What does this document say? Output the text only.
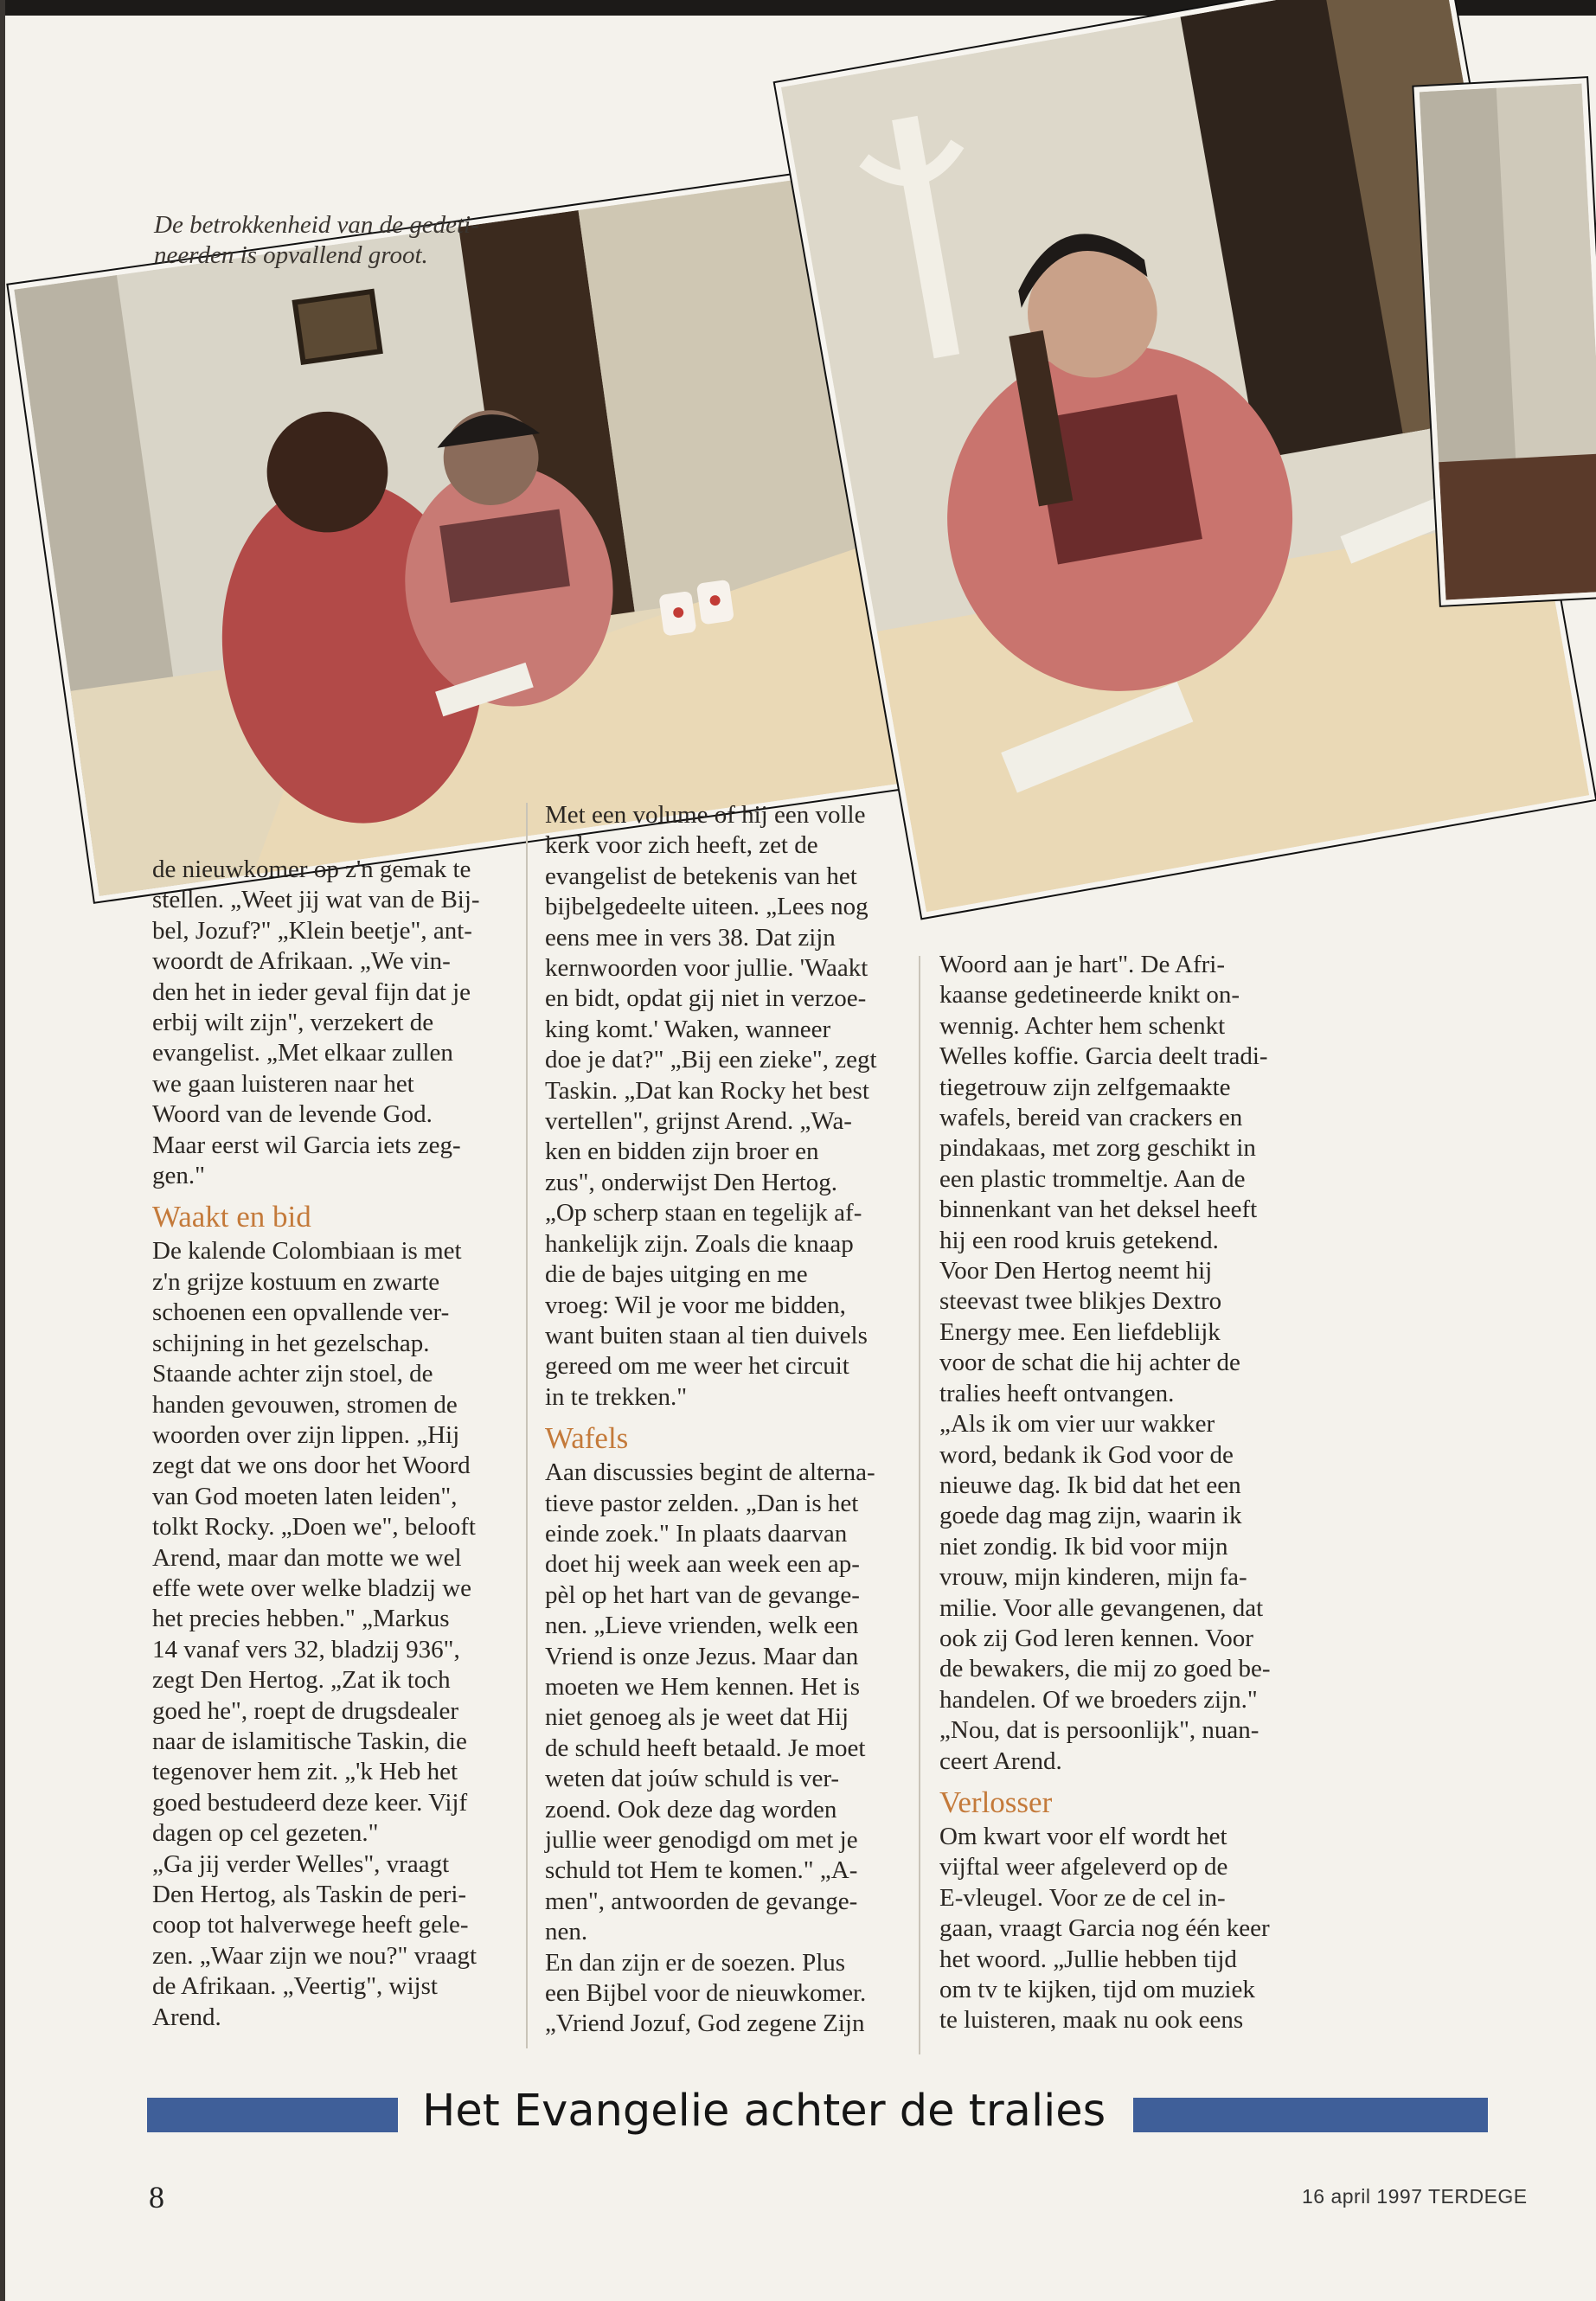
De betrokkenheid van de gedeti-
neerden is opvallend groot.

de nieuwkomer op z'n gemak te
stellen. „Weet jij wat van de Bij-
bel, Jozuf?" „Klein beetje", ant-
woordt de Afrikaan. „We vin-
den het in ieder geval fijn dat je
erbij wilt zijn", verzekert de
evangelist. „Met elkaar zullen
we gaan luisteren naar het
Woord van de levende God.
Maar eerst wil Garcia iets zeg-
gen."

Waakt en bid

De kalende Colombiaan is met
z'n grijze kostuum en zwarte
schoenen een opvallende ver-
schijning in het gezelschap.
Staande achter zijn stoel, de
handen gevouwen, stromen de
woorden over zijn lippen. „Hij
zegt dat we ons door het Woord
van God moeten laten leiden",
tolkt Rocky. „Doen we", belooft
Arend, maar dan motte we wel
effe wete over welke bladzij we
het precies hebben." „Markus
14 vanaf vers 32, bladzij 936",
zegt Den Hertog. „Zat ik toch
goed he", roept de drugsdealer
naar de islamitische Taskin, die
tegenover hem zit. „'k Heb het
goed bestudeerd deze keer. Vijf
dagen op cel gezeten."
„Ga jij verder Welles", vraagt
Den Hertog, als Taskin de peri-
coop tot halverwege heeft gele-
zen. „Waar zijn we nou?" vraagt
de Afrikaan. „Veertig", wijst
Arend.

Met een volume of hij een volle
kerk voor zich heeft, zet de
evangelist de betekenis van het
bijbelgedeelte uiteen. „Lees nog
eens mee in vers 38. Dat zijn
kernwoorden voor jullie. 'Waakt
en bidt, opdat gij niet in verzoe-
king komt.' Waken, wanneer
doe je dat?" „Bij een zieke", zegt
Taskin. „Dat kan Rocky het best
vertellen", grijnst Arend. „Wa-
ken en bidden zijn broer en
zus", onderwijst Den Hertog.
„Op scherp staan en tegelijk af-
hankelijk zijn. Zoals die knaap
die de bajes uitging en me
vroeg: Wil je voor me bidden,
want buiten staan al tien duivels
gereed om me weer het circuit
in te trekken."

Wafels

Aan discussies begint de alterna-
tieve pastor zelden. „Dan is het
einde zoek." In plaats daarvan
doet hij week aan week een ap-
pèl op het hart van de gevange-
nen. „Lieve vrienden, welk een
Vriend is onze Jezus. Maar dan
moeten we Hem kennen. Het is
niet genoeg als je weet dat Hij
de schuld heeft betaald. Je moet
weten dat joúw schuld is ver-
zoend. Ook deze dag worden
jullie weer genodigd om met je
schuld tot Hem te komen." „A-
men", antwoorden de gevange-
nen.
En dan zijn er de soezen. Plus
een Bijbel voor de nieuwkomer.
„Vriend Jozuf, God zegene Zijn

Woord aan je hart". De Afri-
kaanse gedetineerde knikt on-
wennig. Achter hem schenkt
Welles koffie. Garcia deelt tradi-
tiegetrouw zijn zelfgemaakte
wafels, bereid van crackers en
pindakaas, met zorg geschikt in
een plastic trommeltje. Aan de
binnenkant van het deksel heeft
hij een rood kruis getekend.
Voor Den Hertog neemt hij
steevast twee blikjes Dextro
Energy mee. Een liefdeblijk
voor de schat die hij achter de
tralies heeft ontvangen.
„Als ik om vier uur wakker
word, bedank ik God voor de
nieuwe dag. Ik bid dat het een
goede dag mag zijn, waarin ik
niet zondig. Ik bid voor mijn
vrouw, mijn kinderen, mijn fa-
milie. Voor alle gevangenen, dat
ook zij God leren kennen. Voor
de bewakers, die mij zo goed be-
handelen. Of we broeders zijn."
„Nou, dat is persoonlijk", nuan-
ceert Arend.

Verlosser

Om kwart voor elf wordt het
vijftal weer afgeleverd op de
E-vleugel. Voor ze de cel in-
gaan, vraagt Garcia nog één keer
het woord. „Jullie hebben tijd
om tv te kijken, tijd om muziek
te luisteren, maak nu ook eens

Het Evangelie achter de tralies
8	16 april 1997 TERDEGE
